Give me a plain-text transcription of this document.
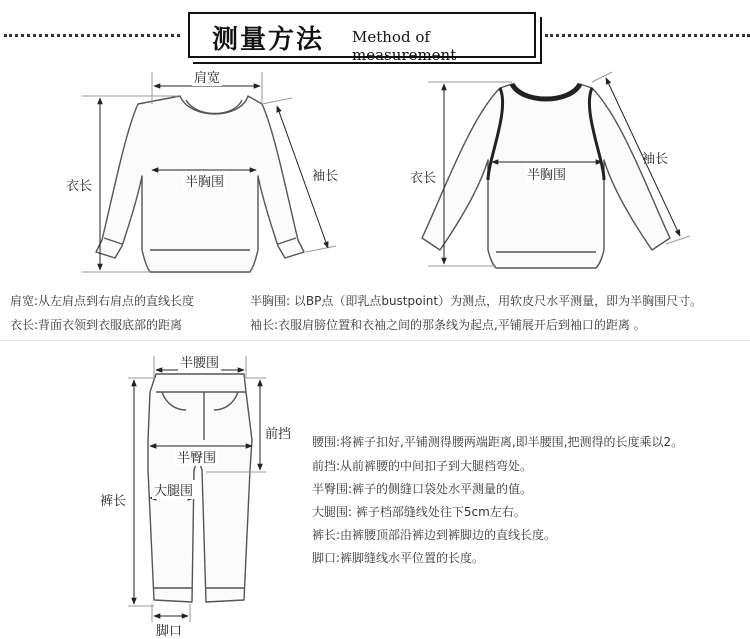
测量方法 Method of measurement
肩宽
衣长	半胸围	袖长	衣长	半胸围
袖长
肩宽:从左肩点到右肩点的直线长度
衣长:背面衣领到衣服底部的距离
半胸围: 以BP点（即乳点bustpoint）为测点，用软皮尺水平测量，即为半胸围尺寸。
袖长:衣服肩膀位置和衣袖之间的那条线为起点,平铺展开后到袖口的距离 。
半腰围
前挡
半臀围
大腿围
裤长
脚口
腰围:将裤子扣好,平铺测得腰两端距离,即半腰围,把测得的长度乘以2。
前挡:从前裤腰的中间扣子到大腿档弯处。
半臀围:裤子的侧缝口袋处水平测量的值。
大腿围: 裤子档部缝线处往下5cm左右。
裤长:由裤腰顶部沿裤边到裤脚边的直线长度。
脚口:裤脚缝线水平位置的长度。
